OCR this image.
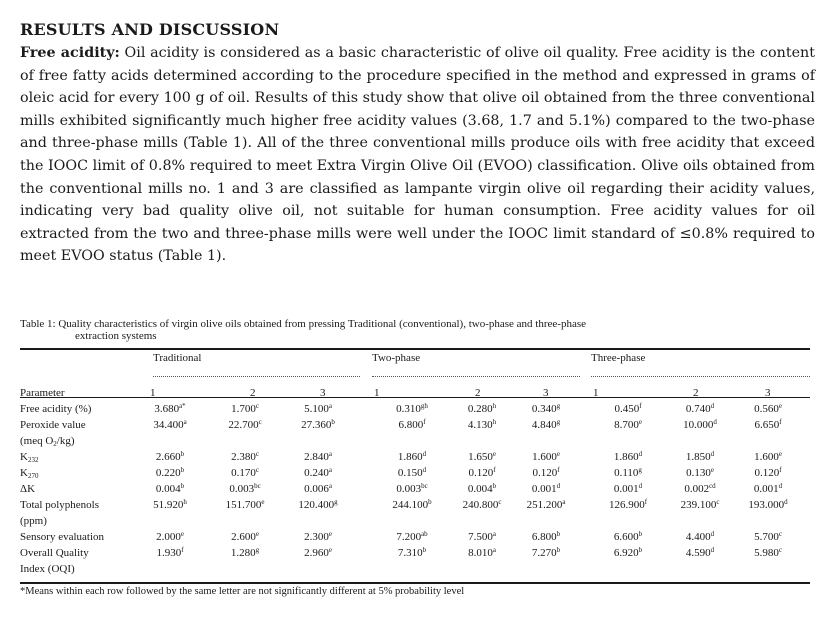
RESULTS AND DISCUSSION
Free acidity: Oil acidity is considered as a basic characteristic of olive oil quality. Free acidity is the content of free fatty acids determined according to the procedure specified in the method and expressed in grams of oleic acid for every 100 g of oil. Results of this study show that olive oil obtained from the three conventional mills exhibited significantly much higher free acidity values (3.68, 1.7 and 5.1%) compared to the two-phase and three-phase mills (Table 1). All of the three conventional mills produce oils with free acidity that exceed the IOOC limit of 0.8% required to meet Extra Virgin Olive Oil (EVOO) classification. Olive oils obtained from the conventional mills no. 1 and 3 are classified as lampante virgin olive oil regarding their acidity values, indicating very bad quality olive oil, not suitable for human consumption. Free acidity values for oil extracted from the two and three-phase mills were well under the IOOC limit standard of ≤0.8% required to meet EVOO status (Table 1).
Table 1: Quality characteristics of virgin olive oils obtained from pressing Traditional (conventional), two-phase and three-phase
extraction systems
Traditional	Two-phase	Three-phase
Parameter	1	2	3	1	2	3	1	2	3
Free acidity (%)	$3.680^{a*}$	1.700$^c$	5.100$^a$	0.310$^{gh}$	0.280$^h$	0.340$^g$	0.450$^f$	0.740$^d$	0.560e
Peroxide value
(meq $O_2/kg$)
34.400$^a$	22.700$^c$	27.360$^b$	6.800$^f$	4.130$^h$	4.840$^g$	8.700e	10.000$^d$	6.650$^f$
$K_{232}$	2.660$^b$	2.380$^c$	2.840$^a$	1.860$^d$	1.650e	1.600e	1.860$^d$	1.850$^d$	1.600e
$K_{270}$	0.220$^b$	0.170$^c$	0.240$^a$	0.150$^d$	0.120$^f$	0.120$^f$	0.110$^g$	0.130e	0.120$^f$
ΔK	0.004$^b$	0.003$^{bc}$	0.006$^a$	0.003$^{bc}$	0.004$^b$	0.001$^d$	0.001$^d$	0.002$^{cd}$	0.001$^d$
Total polyphenols
(ppm)
51.920$^h$	151.700e	120.400$^g$	244.100$^b$	240.800$^c$ 251.200$^a$	126.900$^f$	239.100$^c$	193.000$^d$
Sensory evaluation	2.000e	2.600e	2.300e	7.200$^{ab}$	7.500$^a$	6.800$^b$	6.600$^b$	4.400$^d$	5.700$^c$
Overall Quality
Index (OQI)
1.930$^f$	1.280$^g$	2.960e	7.310$^b$	8.010$^a$	7.270$^b$	6.920$^b$	4.590$^d$	5.980$^c$
*Means within each row followed by the same letter are not significantly different at 5% probability level
